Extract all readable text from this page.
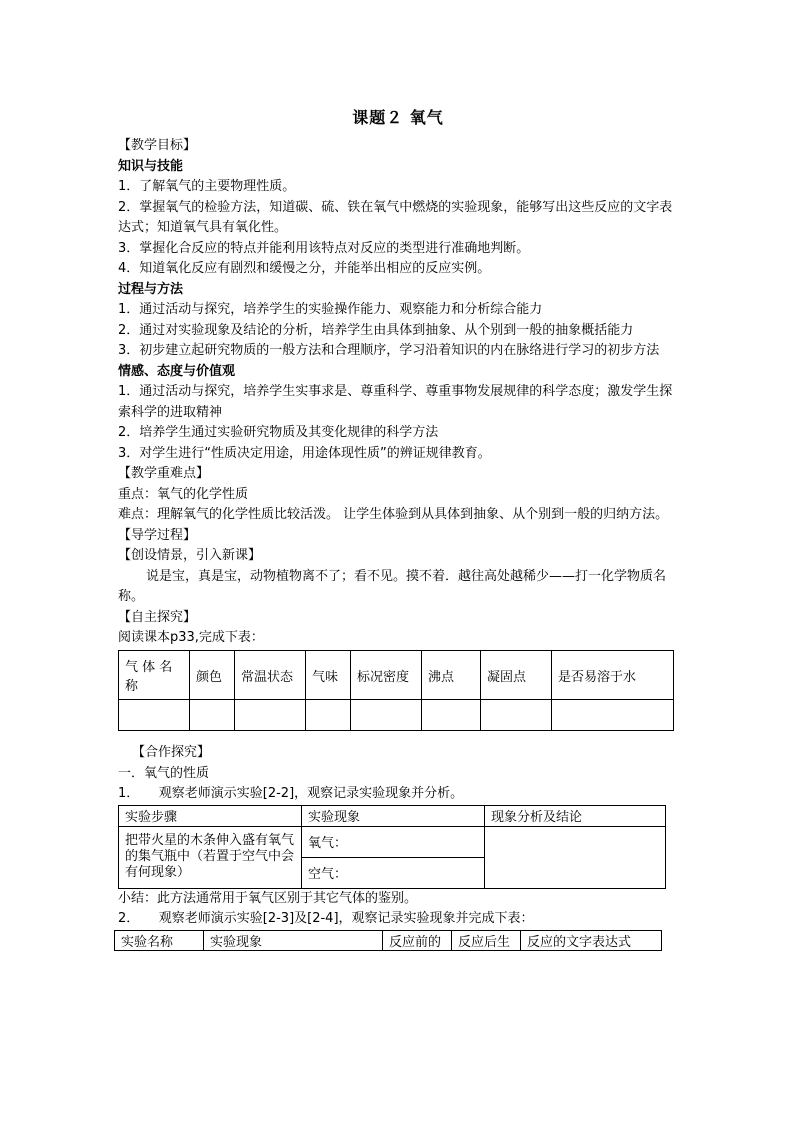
课题２ 氧气

【教学目标】

知识与技能

1．了解氧气的主要物理性质。

2．掌握氧气的检验方法，知道碳、硫、铁在氧气中燃烧的实验现象，能够写出这些反应的文字表达式；知道氧气具有氧化性。

3．掌握化合反应的特点并能利用该特点对反应的类型进行准确地判断。

4．知道氧化反应有剧烈和缓慢之分，并能举出相应的反应实例。

过程与方法

1．通过活动与探究，培养学生的实验操作能力、观察能力和分析综合能力

2．通过对实验现象及结论的分析，培养学生由具体到抽象、从个别到一般的抽象概括能力

3．初步建立起研究物质的一般方法和合理顺序，学习沿着知识的内在脉络进行学习的初步方法

情感、态度与价值观

1．通过活动与探究，培养学生实事求是、尊重科学、尊重事物发展规律的科学态度；激发学生探索科学的进取精神

2．培养学生通过实验研究物质及其变化规律的科学方法

3．对学生进行“性质决定用途，用途体现性质”的辨证规律教育。

【教学重难点】

重点：氧气的化学性质

难点：理解氧气的化学性质比较活泼。 让学生体验到从具体到抽象、从个别到一般的归纳方法。

【导学过程】

【创设情景，引入新课】

说是宝，真是宝，动物植物离不了；看不见。摸不着．越往高处越稀少——打一化学物质名称。

【自主探究】

阅读课本p33,完成下表：

气 体 名 称	颜色	常温状态	气味	标况密度	沸点	凝固点	是否易溶于水

【合作探究】

一．氧气的性质

1．　　观察老师演示实验[2-2]，观察记录实验现象并分析。

实验步骤	实验现象	现象分析及结论
把带火星的木条伸入盛有氧气的集气瓶中（若置于空气中会有何现象）	氧气：	
	空气：	

小结：此方法通常用于氧气区别于其它气体的鉴别。

2．　　观察老师演示实验[2-3]及[2-4]，观察记录实验现象并完成下表：

实验名称	实验现象	反应前的	反应后生	反应的文字表达式
